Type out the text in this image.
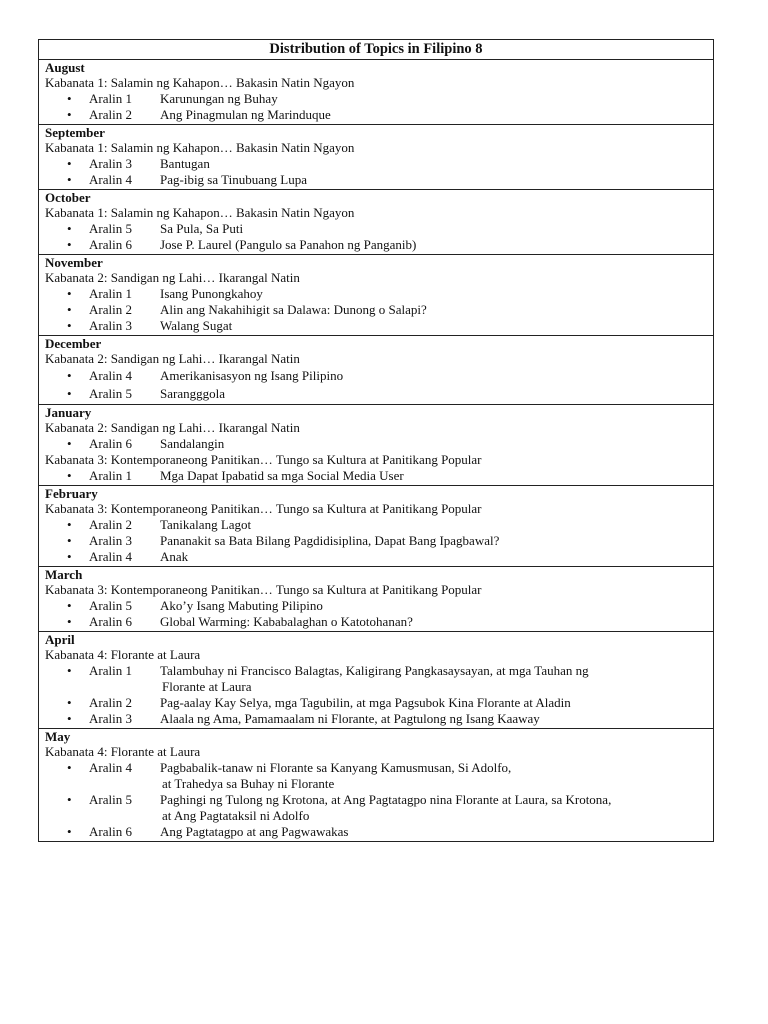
Distribution of Topics in Filipino 8
August
Kabanata 1: Salamin ng Kahapon… Bakasin Natin Ngayon
•	Aralin 1	Karunungan ng Buhay
•	Aralin 2	Ang Pinagmulan ng Marinduque
September
Kabanata 1: Salamin ng Kahapon… Bakasin Natin Ngayon
•	Aralin 3	Bantugan
•	Aralin 4	Pag-ibig sa Tinubuang Lupa
October
Kabanata 1: Salamin ng Kahapon… Bakasin Natin Ngayon
•	Aralin 5	Sa Pula, Sa Puti
•	Aralin 6	Jose P. Laurel (Pangulo sa Panahon ng Panganib)
November
Kabanata 2: Sandigan ng Lahi… Ikarangal Natin
•	Aralin 1	Isang Punongkahoy
•	Aralin 2	Alin ang Nakahihigit sa Dalawa: Dunong o Salapi?
•	Aralin 3	Walang Sugat
December
Kabanata 2: Sandigan ng Lahi… Ikarangal Natin
•	Aralin 4	Amerikanisasyon ng Isang Pilipino
•	Aralin 5	Sarangggola
January
Kabanata 2: Sandigan ng Lahi… Ikarangal Natin
•	Aralin 6	Sandalangin
Kabanata 3: Kontemporaneong Panitikan… Tungo sa Kultura at Panitikang Popular
•	Aralin 1	Mga Dapat Ipabatid sa mga Social Media User
February
Kabanata 3: Kontemporaneong Panitikan… Tungo sa Kultura at Panitikang Popular
•	Aralin 2	Tanikalang Lagot
•	Aralin 3	Pananakit sa Bata Bilang Pagdidisiplina, Dapat Bang Ipagbawal?
•	Aralin 4	Anak
March
Kabanata 3: Kontemporaneong Panitikan… Tungo sa Kultura at Panitikang Popular
•	Aralin 5	Ako’y Isang Mabuting Pilipino
•	Aralin 6	Global Warming: Kababalaghan o Katotohanan?
April
Kabanata 4: Florante at Laura
•	Aralin 1	Talambuhay ni Francisco Balagtas, Kaligirang Pangkasaysayan, at mga Tauhan ng
Florante at Laura
•	Aralin 2	Pag-aalay Kay Selya, mga Tagubilin, at mga Pagsubok Kina Florante at Aladin
•	Aralin 3	Alaala ng Ama, Pamamaalam ni Florante, at Pagtulong ng Isang Kaaway
May
Kabanata 4: Florante at Laura
•	Aralin 4	Pagbabalik-tanaw ni Florante sa Kanyang Kamusmusan, Si Adolfo,
at Trahedya sa Buhay ni Florante
•	Aralin 5	Paghingi ng Tulong ng Krotona, at Ang Pagtatagpo nina Florante at Laura, sa Krotona,
at Ang Pagtataksil ni Adolfo
•	Aralin 6	Ang Pagtatagpo at ang Pagwawakas
